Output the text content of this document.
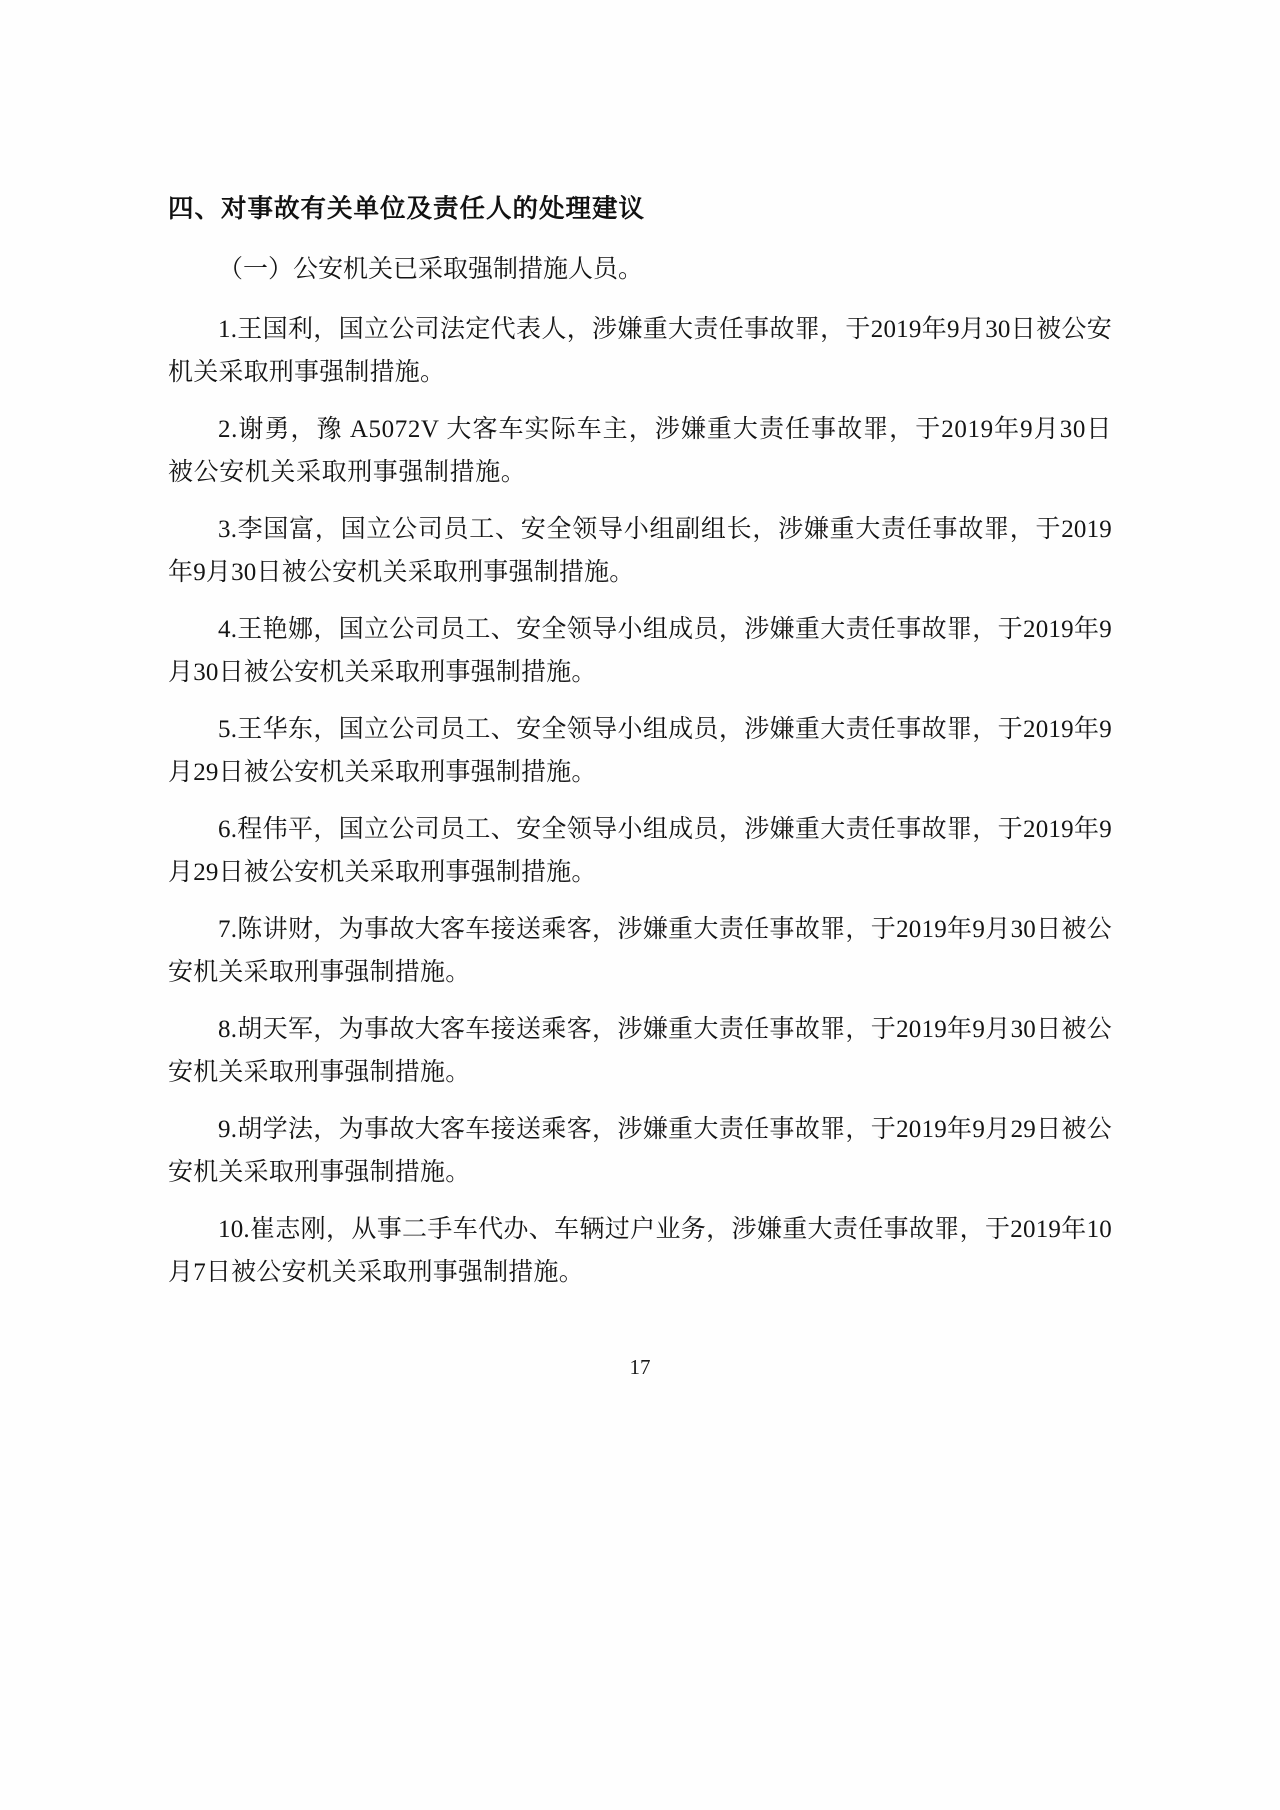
四、对事故有关单位及责任人的处理建议

（一）公安机关已采取强制措施人员。

1.王国利，国立公司法定代表人，涉嫌重大责任事故罪，于2019年9月30日被公安机关采取刑事强制措施。

2.谢勇，豫 A5072V 大客车实际车主，涉嫌重大责任事故罪，于2019年9月30日被公安机关采取刑事强制措施。

3.李国富，国立公司员工、安全领导小组副组长，涉嫌重大责任事故罪，于2019年9月30日被公安机关采取刑事强制措施。

4.王艳娜，国立公司员工、安全领导小组成员，涉嫌重大责任事故罪，于2019年9月30日被公安机关采取刑事强制措施。

5.王华东，国立公司员工、安全领导小组成员，涉嫌重大责任事故罪，于2019年9月29日被公安机关采取刑事强制措施。

6.程伟平，国立公司员工、安全领导小组成员，涉嫌重大责任事故罪，于2019年9月29日被公安机关采取刑事强制措施。

7.陈讲财，为事故大客车接送乘客，涉嫌重大责任事故罪，于2019年9月30日被公安机关采取刑事强制措施。

8.胡天军，为事故大客车接送乘客，涉嫌重大责任事故罪，于2019年9月30日被公安机关采取刑事强制措施。

9.胡学法，为事故大客车接送乘客，涉嫌重大责任事故罪，于2019年9月29日被公安机关采取刑事强制措施。

10.崔志刚，从事二手车代办、车辆过户业务，涉嫌重大责任事故罪，于2019年10月7日被公安机关采取刑事强制措施。

17
